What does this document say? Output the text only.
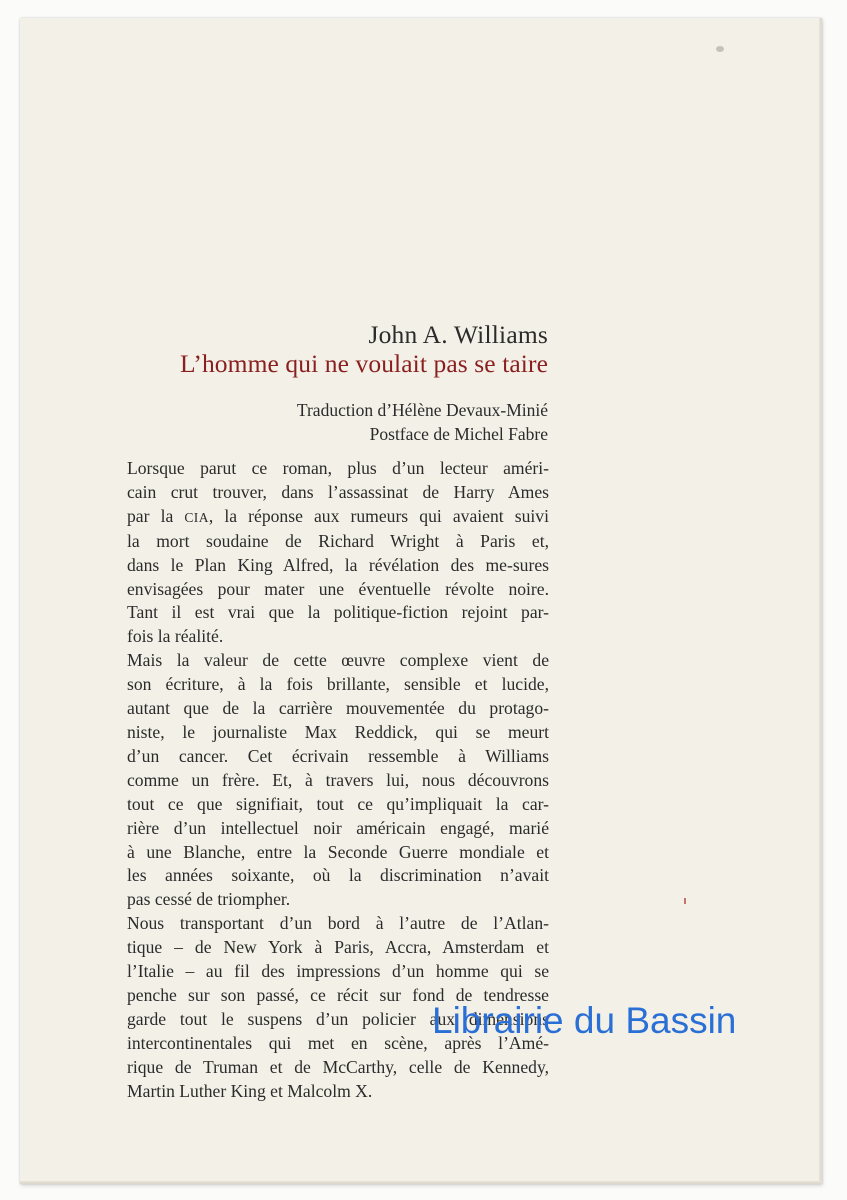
John A. Williams
L’homme qui ne voulait pas se taire
Traduction d’Hélène Devaux-Minié
Postface de Michel Fabre
Lorsque parut ce roman, plus d’un lecteur améri-
cain crut trouver, dans l’assassinat de Harry Ames
par la CIA, la réponse aux rumeurs qui avaient suivi
la mort soudaine de Richard Wright à Paris et,
dans le Plan King Alfred, la révélation des me-sures
envisagées pour mater une éventuelle révolte noire.
Tant il est vrai que la politique-fiction rejoint par-
fois la réalité.
Mais la valeur de cette œuvre complexe vient de
son écriture, à la fois brillante, sensible et lucide,
autant que de la carrière mouvementée du protago-
niste, le journaliste Max Reddick, qui se meurt
d’un cancer. Cet écrivain ressemble à Williams
comme un frère. Et, à travers lui, nous découvrons
tout ce que signifiait, tout ce qu’impliquait la car-
rière d’un intellectuel noir américain engagé, marié
à une Blanche, entre la Seconde Guerre mondiale et
les années soixante, où la discrimination n’avait
pas cessé de triompher.
Nous transportant d’un bord à l’autre de l’Atlan-
tique – de New York à Paris, Accra, Amsterdam et
l’Italie – au fil des impressions d’un homme qui se
penche sur son passé, ce récit sur fond de tendresse
garde tout le suspens d’un policier aux dimensions
intercontinentales qui met en scène, après l’Amé-
rique de Truman et de McCarthy, celle de Kennedy,
Martin Luther King et Malcolm X.
Librairie du Bassin
